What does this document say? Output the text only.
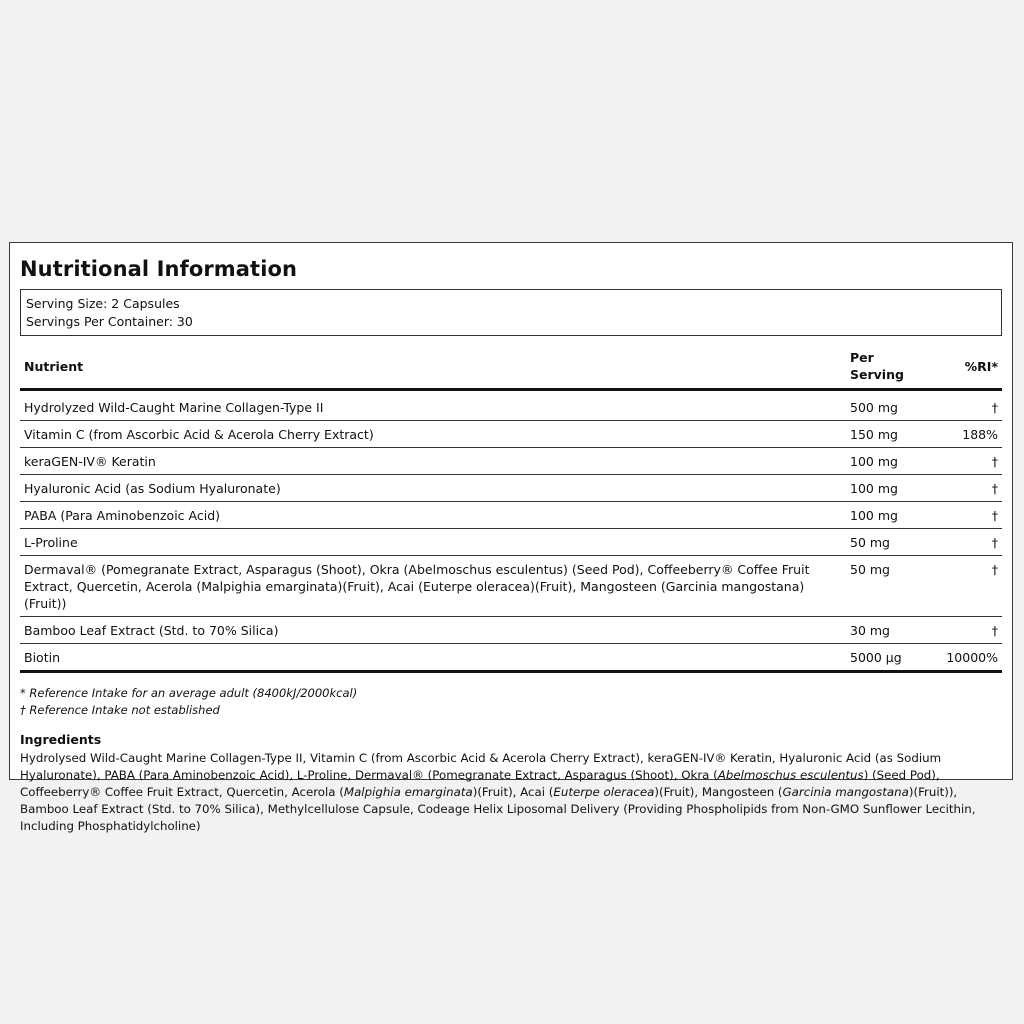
Nutritional Information
Serving Size: 2 Capsules
Servings Per Container: 30
Nutrient	Per Serving	%RI*
Hydrolyzed Wild-Caught Marine Collagen-Type II	500 mg	†
Vitamin C (from Ascorbic Acid & Acerola Cherry Extract)	150 mg	188%
keraGEN-IV® Keratin	100 mg	†
Hyaluronic Acid (as Sodium Hyaluronate)	100 mg	†
PABA (Para Aminobenzoic Acid)	100 mg	†
L-Proline	50 mg	†
Dermaval® (Pomegranate Extract, Asparagus (Shoot), Okra (Abelmoschus esculentus) (Seed Pod), Coffeeberry® Coffee Fruit Extract, Quercetin, Acerola (Malpighia emarginata)(Fruit), Acai (Euterpe oleracea)(Fruit), Mangosteen (Garcinia mangostana)(Fruit))	50 mg	†
Bamboo Leaf Extract (Std. to 70% Silica)	30 mg	†
Biotin	5000 µg	10000%
* Reference Intake for an average adult (8400kJ/2000kcal)
† Reference Intake not established
Ingredients
Hydrolysed Wild-Caught Marine Collagen-Type II, Vitamin C (from Ascorbic Acid & Acerola Cherry Extract), keraGEN-IV® Keratin, Hyaluronic Acid (as Sodium Hyaluronate), PABA (Para Aminobenzoic Acid), L-Proline, Dermaval® (Pomegranate Extract, Asparagus (Shoot), Okra (Abelmoschus esculentus) (Seed Pod), Coffeeberry® Coffee Fruit Extract, Quercetin, Acerola (Malpighia emarginata)(Fruit), Acai (Euterpe oleracea)(Fruit), Mangosteen (Garcinia mangostana)(Fruit)), Bamboo Leaf Extract (Std. to 70% Silica), Methylcellulose Capsule, Codeage Helix Liposomal Delivery (Providing Phospholipids from Non-GMO Sunflower Lecithin, Including Phosphatidylcholine)
